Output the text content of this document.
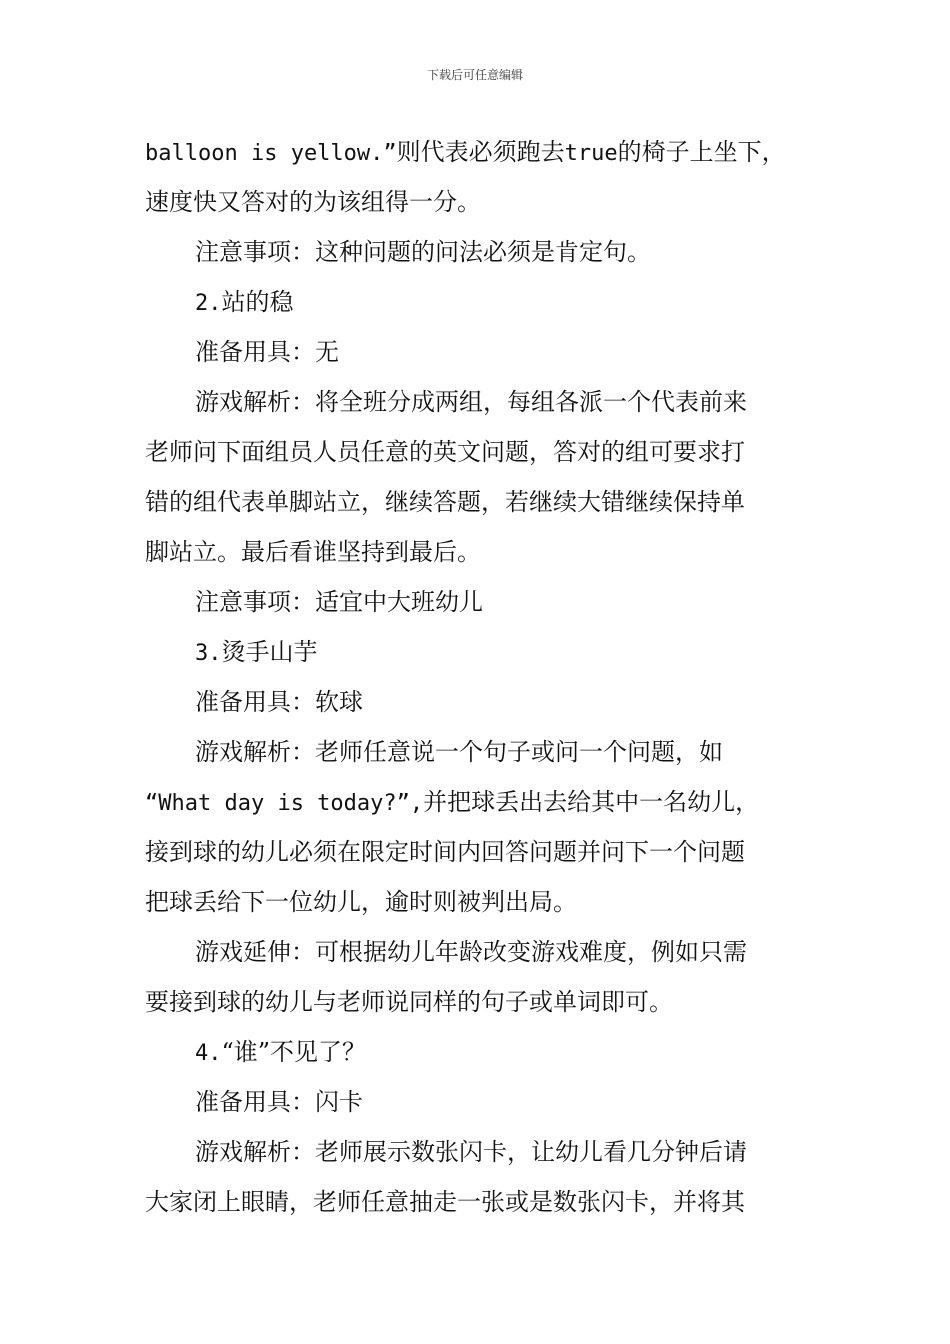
下载后可任意编辑
balloon is yellow.”则代表必须跑去true的椅子上坐下，
速度快又答对的为该组得一分。
注意事项：这种问题的问法必须是肯定句。
2.站的稳
准备用具：无
游戏解析：将全班分成两组，每组各派一个代表前来
老师问下面组员人员任意的英文问题，答对的组可要求打
错的组代表单脚站立，继续答题，若继续大错继续保持单
脚站立。最后看谁坚持到最后。
注意事项：适宜中大班幼儿
3.烫手山芋
准备用具：软球
游戏解析：老师任意说一个句子或问一个问题，如
“What day is today?”,并把球丢出去给其中一名幼儿，
接到球的幼儿必须在限定时间内回答问题并问下一个问题
把球丢给下一位幼儿，逾时则被判出局。
游戏延伸：可根据幼儿年龄改变游戏难度，例如只需
要接到球的幼儿与老师说同样的句子或单词即可。
4.“谁”不见了？
准备用具：闪卡
游戏解析：老师展示数张闪卡，让幼儿看几分钟后请
大家闭上眼睛，老师任意抽走一张或是数张闪卡，并将其
